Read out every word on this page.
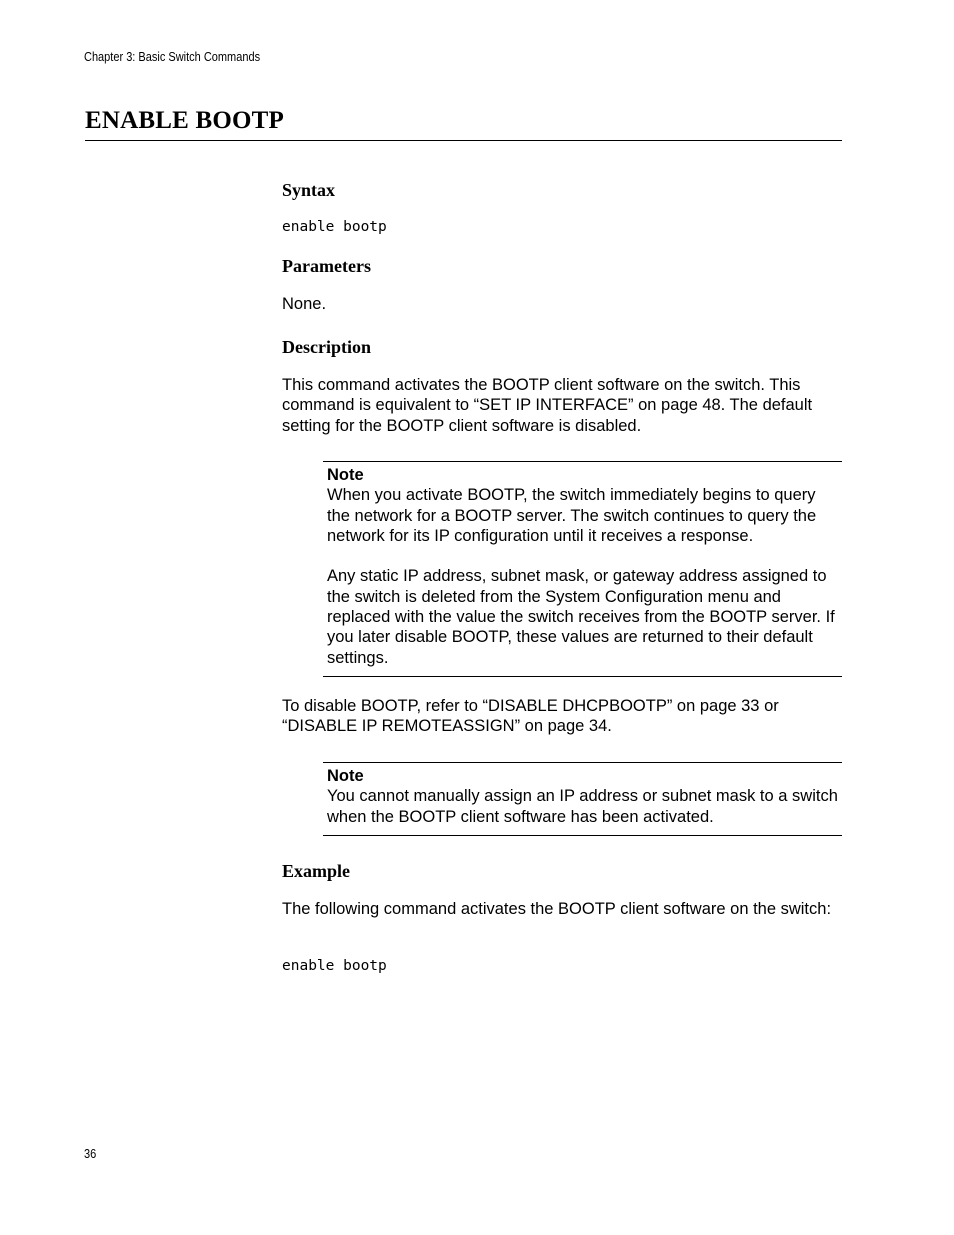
Chapter 3: Basic Switch Commands
ENABLE BOOTP
Syntax
enable bootp
Parameters

None.

Description

This command activates the BOOTP client software on the switch. This command is equivalent to “SET IP INTERFACE” on page 48. The default setting for the BOOTP client software is disabled.

Note

When you activate BOOTP, the switch immediately begins to query the network for a BOOTP server. The switch continues to query the network for its IP configuration until it receives a response.

Any static IP address, subnet mask, or gateway address assigned to the switch is deleted from the System Configuration menu and replaced with the value the switch receives from the BOOTP server. If you later disable BOOTP, these values are returned to their default settings.

To disable BOOTP, refer to “DISABLE DHCPBOOTP” on page 33 or “DISABLE IP REMOTEASSIGN” on page 34.

Note

You cannot manually assign an IP address or subnet mask to a switch when the BOOTP client software has been activated.

Example

The following command activates the BOOTP client software on the switch:

enable bootp
36
